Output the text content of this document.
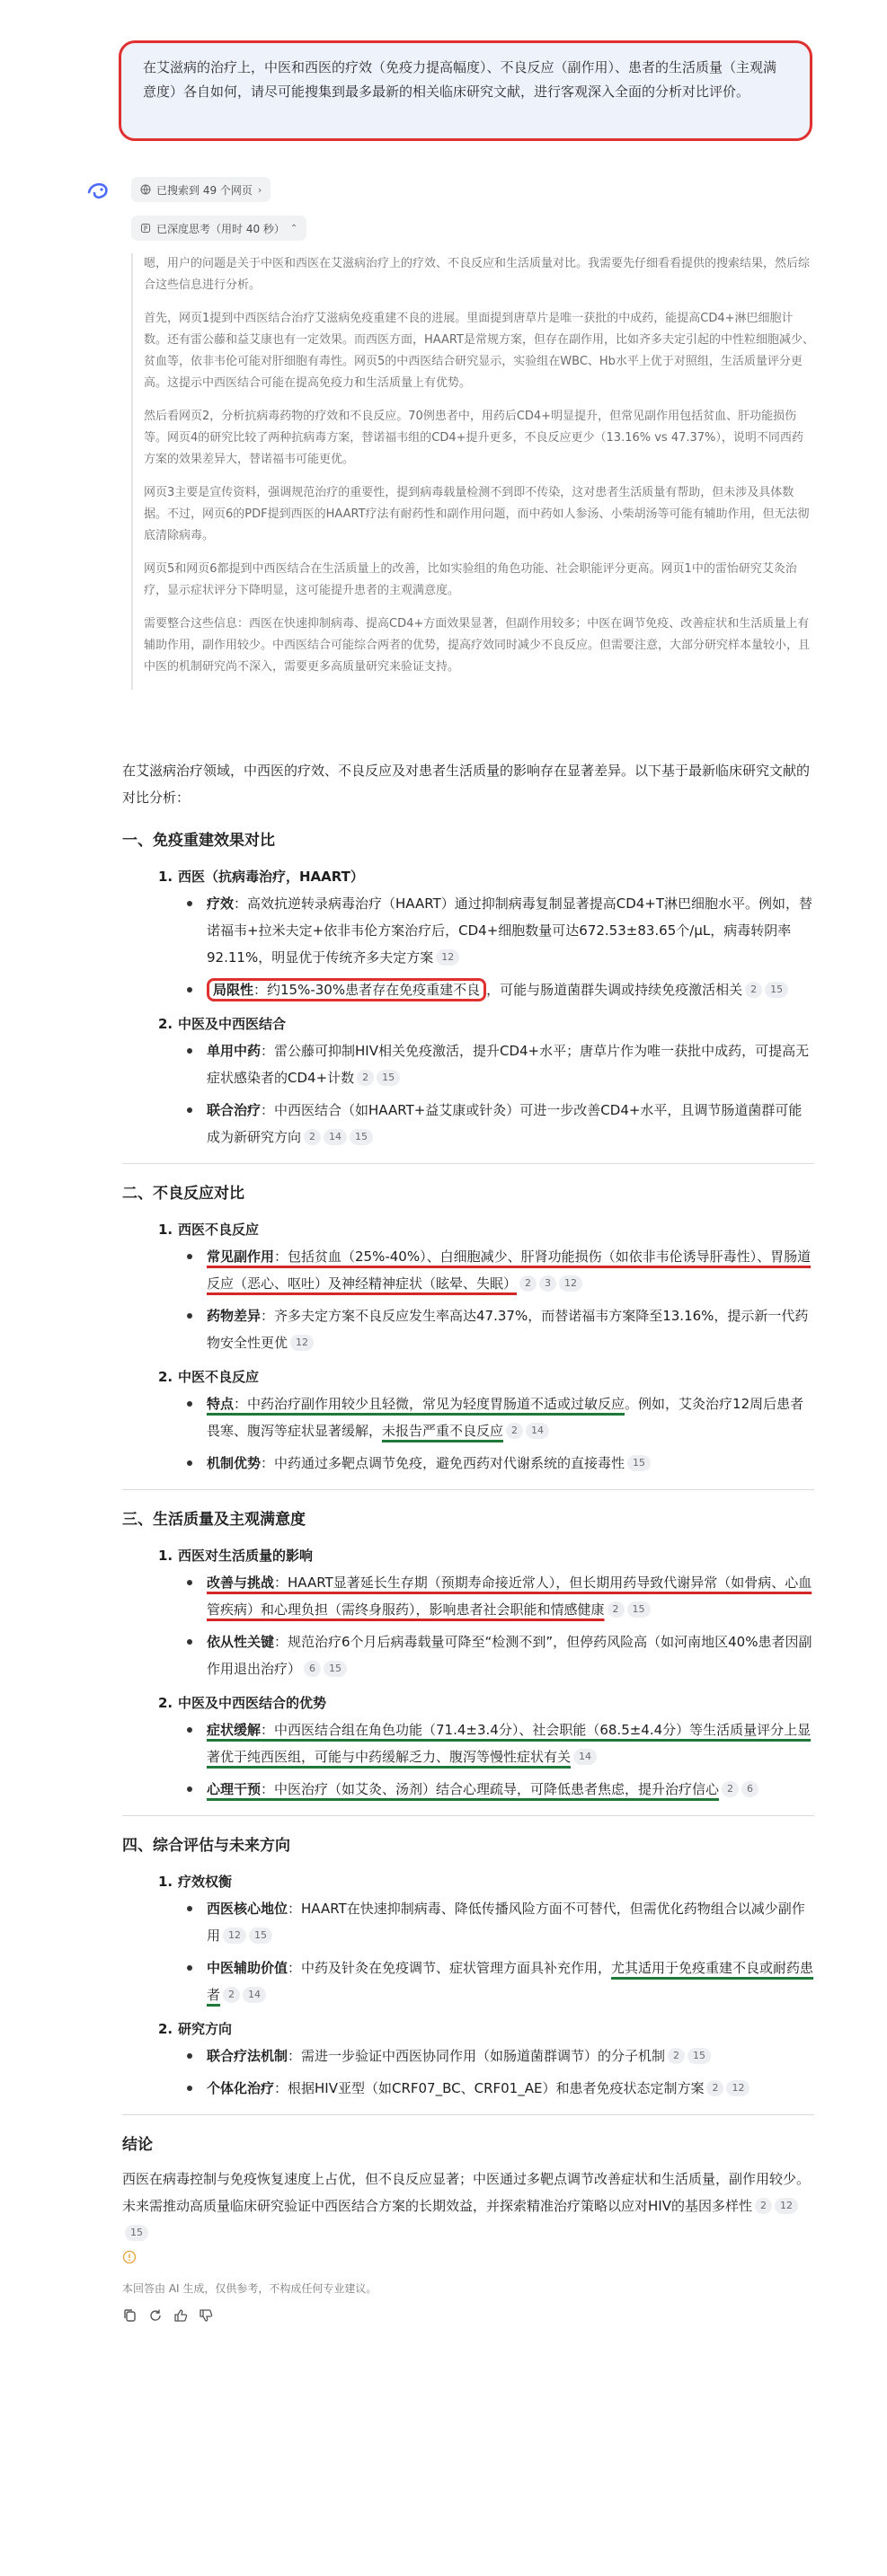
在艾滋病的治疗上，中医和西医的疗效（免疫力提高幅度）、不良反应（副作用）、患者的生活质量（主观满意度）各自如何，请尽可能搜集到最多最新的相关临床研究文献，进行客观深入全面的分析对比评价。
已搜索到 49 个网页 ›
已深度思考（用时 40 秒） ⌃

嗯，用户的问题是关于中医和西医在艾滋病治疗上的疗效、不良反应和生活质量对比。我需要先仔细看看提供的搜索结果，然后综合这些信息进行分析。

首先，网页1提到中西医结合治疗艾滋病免疫重建不良的进展。里面提到唐草片是唯一获批的中成药，能提高CD4+淋巴细胞计数。还有雷公藤和益艾康也有一定效果。而西医方面，HAART是常规方案，但存在副作用，比如齐多夫定引起的中性粒细胞减少、贫血等，依非韦伦可能对肝细胞有毒性。网页5的中西医结合研究显示，实验组在WBC、Hb水平上优于对照组，生活质量评分更高。这提示中西医结合可能在提高免疫力和生活质量上有优势。

然后看网页2，分析抗病毒药物的疗效和不良反应。70例患者中，用药后CD4+明显提升，但常见副作用包括贫血、肝功能损伤等。网页4的研究比较了两种抗病毒方案，替诺福韦组的CD4+提升更多，不良反应更少（13.16% vs 47.37%），说明不同西药方案的效果差异大，替诺福韦可能更优。

网页3主要是宣传资料，强调规范治疗的重要性，提到病毒载量检测不到即不传染，这对患者生活质量有帮助，但未涉及具体数据。不过，网页6的PDF提到西医的HAART疗法有耐药性和副作用问题，而中药如人参汤、小柴胡汤等可能有辅助作用，但无法彻底清除病毒。

网页5和网页6都提到中西医结合在生活质量上的改善，比如实验组的角色功能、社会职能评分更高。网页1中的雷怡研究艾灸治疗，显示症状评分下降明显，这可能提升患者的主观满意度。

需要整合这些信息：西医在快速抑制病毒、提高CD4+方面效果显著，但副作用较多；中医在调节免疫、改善症状和生活质量上有辅助作用，副作用较少。中西医结合可能综合两者的优势，提高疗效同时减少不良反应。但需要注意，大部分研究样本量较小，且中医的机制研究尚不深入，需要更多高质量研究来验证支持。

在艾滋病治疗领域，中西医的疗效、不良反应及对患者生活质量的影响存在显著差异。以下基于最新临床研究文献的对比分析：

一、免疫重建效果对比
1. 西医（抗病毒治疗，HAART）
疗效：高效抗逆转录病毒治疗（HAART）通过抑制病毒复制显著提高CD4+T淋巴细胞水平。例如，替诺福韦+拉米夫定+依非韦伦方案治疗后，CD4+细胞数量可达672.53±83.65个/μL，病毒转阴率92.11%，明显优于传统齐多夫定方案 12
局限性：约15%-30%患者存在免疫重建不良 ，可能与肠道菌群失调或持续免疫激活相关 2 15
2. 中医及中西医结合
单用中药：雷公藤可抑制HIV相关免疫激活，提升CD4+水平；唐草片作为唯一获批中成药，可提高无症状感染者的CD4+计数 2 15
联合治疗：中西医结合（如HAART+益艾康或针灸）可进一步改善CD4+水平，且调节肠道菌群可能成为新研究方向 2 14 15
二、不良反应对比
1. 西医不良反应
常见副作用：包括贫血（25%-40%）、白细胞减少、肝肾功能损伤（如依非韦伦诱导肝毒性）、胃肠道反应（恶心、呕吐）及神经精神症状（眩晕、失眠） 2 3 12
药物差异：齐多夫定方案不良反应发生率高达47.37%，而替诺福韦方案降至13.16%，提示新一代药物安全性更优 12
2. 中医不良反应
特点：中药治疗副作用较少且轻微，常见为轻度胃肠道不适或过敏反应。例如，艾灸治疗12周后患者畏寒、腹泻等症状显著缓解，未报告严重不良反应 2 14
机制优势：中药通过多靶点调节免疫，避免西药对代谢系统的直接毒性 15
三、生活质量及主观满意度
1. 西医对生活质量的影响
改善与挑战：HAART显著延长生存期（预期寿命接近常人），但长期用药导致代谢异常（如骨病、心血管疾病）和心理负担（需终身服药），影响患者社会职能和情感健康 2 15
依从性关键：规范治疗6个月后病毒载量可降至“检测不到”，但停药风险高（如河南地区40%患者因副作用退出治疗） 6 15
2. 中医及中西医结合的优势
症状缓解：中西医结合组在角色功能（71.4±3.4分）、社会职能（68.5±4.4分）等生活质量评分上显著优于纯西医组，可能与中药缓解乏力、腹泻等慢性症状有关 14
心理干预：中医治疗（如艾灸、汤剂）结合心理疏导，可降低患者焦虑，提升治疗信心 2 6
四、综合评估与未来方向
1. 疗效权衡
西医核心地位：HAART在快速抑制病毒、降低传播风险方面不可替代，但需优化药物组合以减少副作用 12 15
中医辅助价值：中药及针灸在免疫调节、症状管理方面具补充作用，尤其适用于免疫重建不良或耐药患者 2 14
2. 研究方向
联合疗法机制：需进一步验证中西医协同作用（如肠道菌群调节）的分子机制 2 15
个体化治疗：根据HIV亚型（如CRF07_BC、CRF01_AE）和患者免疫状态定制方案 2 12
结论

西医在病毒控制与免疫恢复速度上占优，但不良反应显著；中医通过多靶点调节改善症状和生活质量，副作用较少。未来需推动高质量临床研究验证中西医结合方案的长期效益，并探索精准治疗策略以应对HIV的基因多样性 2 1215

本回答由 AI 生成，仅供参考，不构成任何专业建议。
